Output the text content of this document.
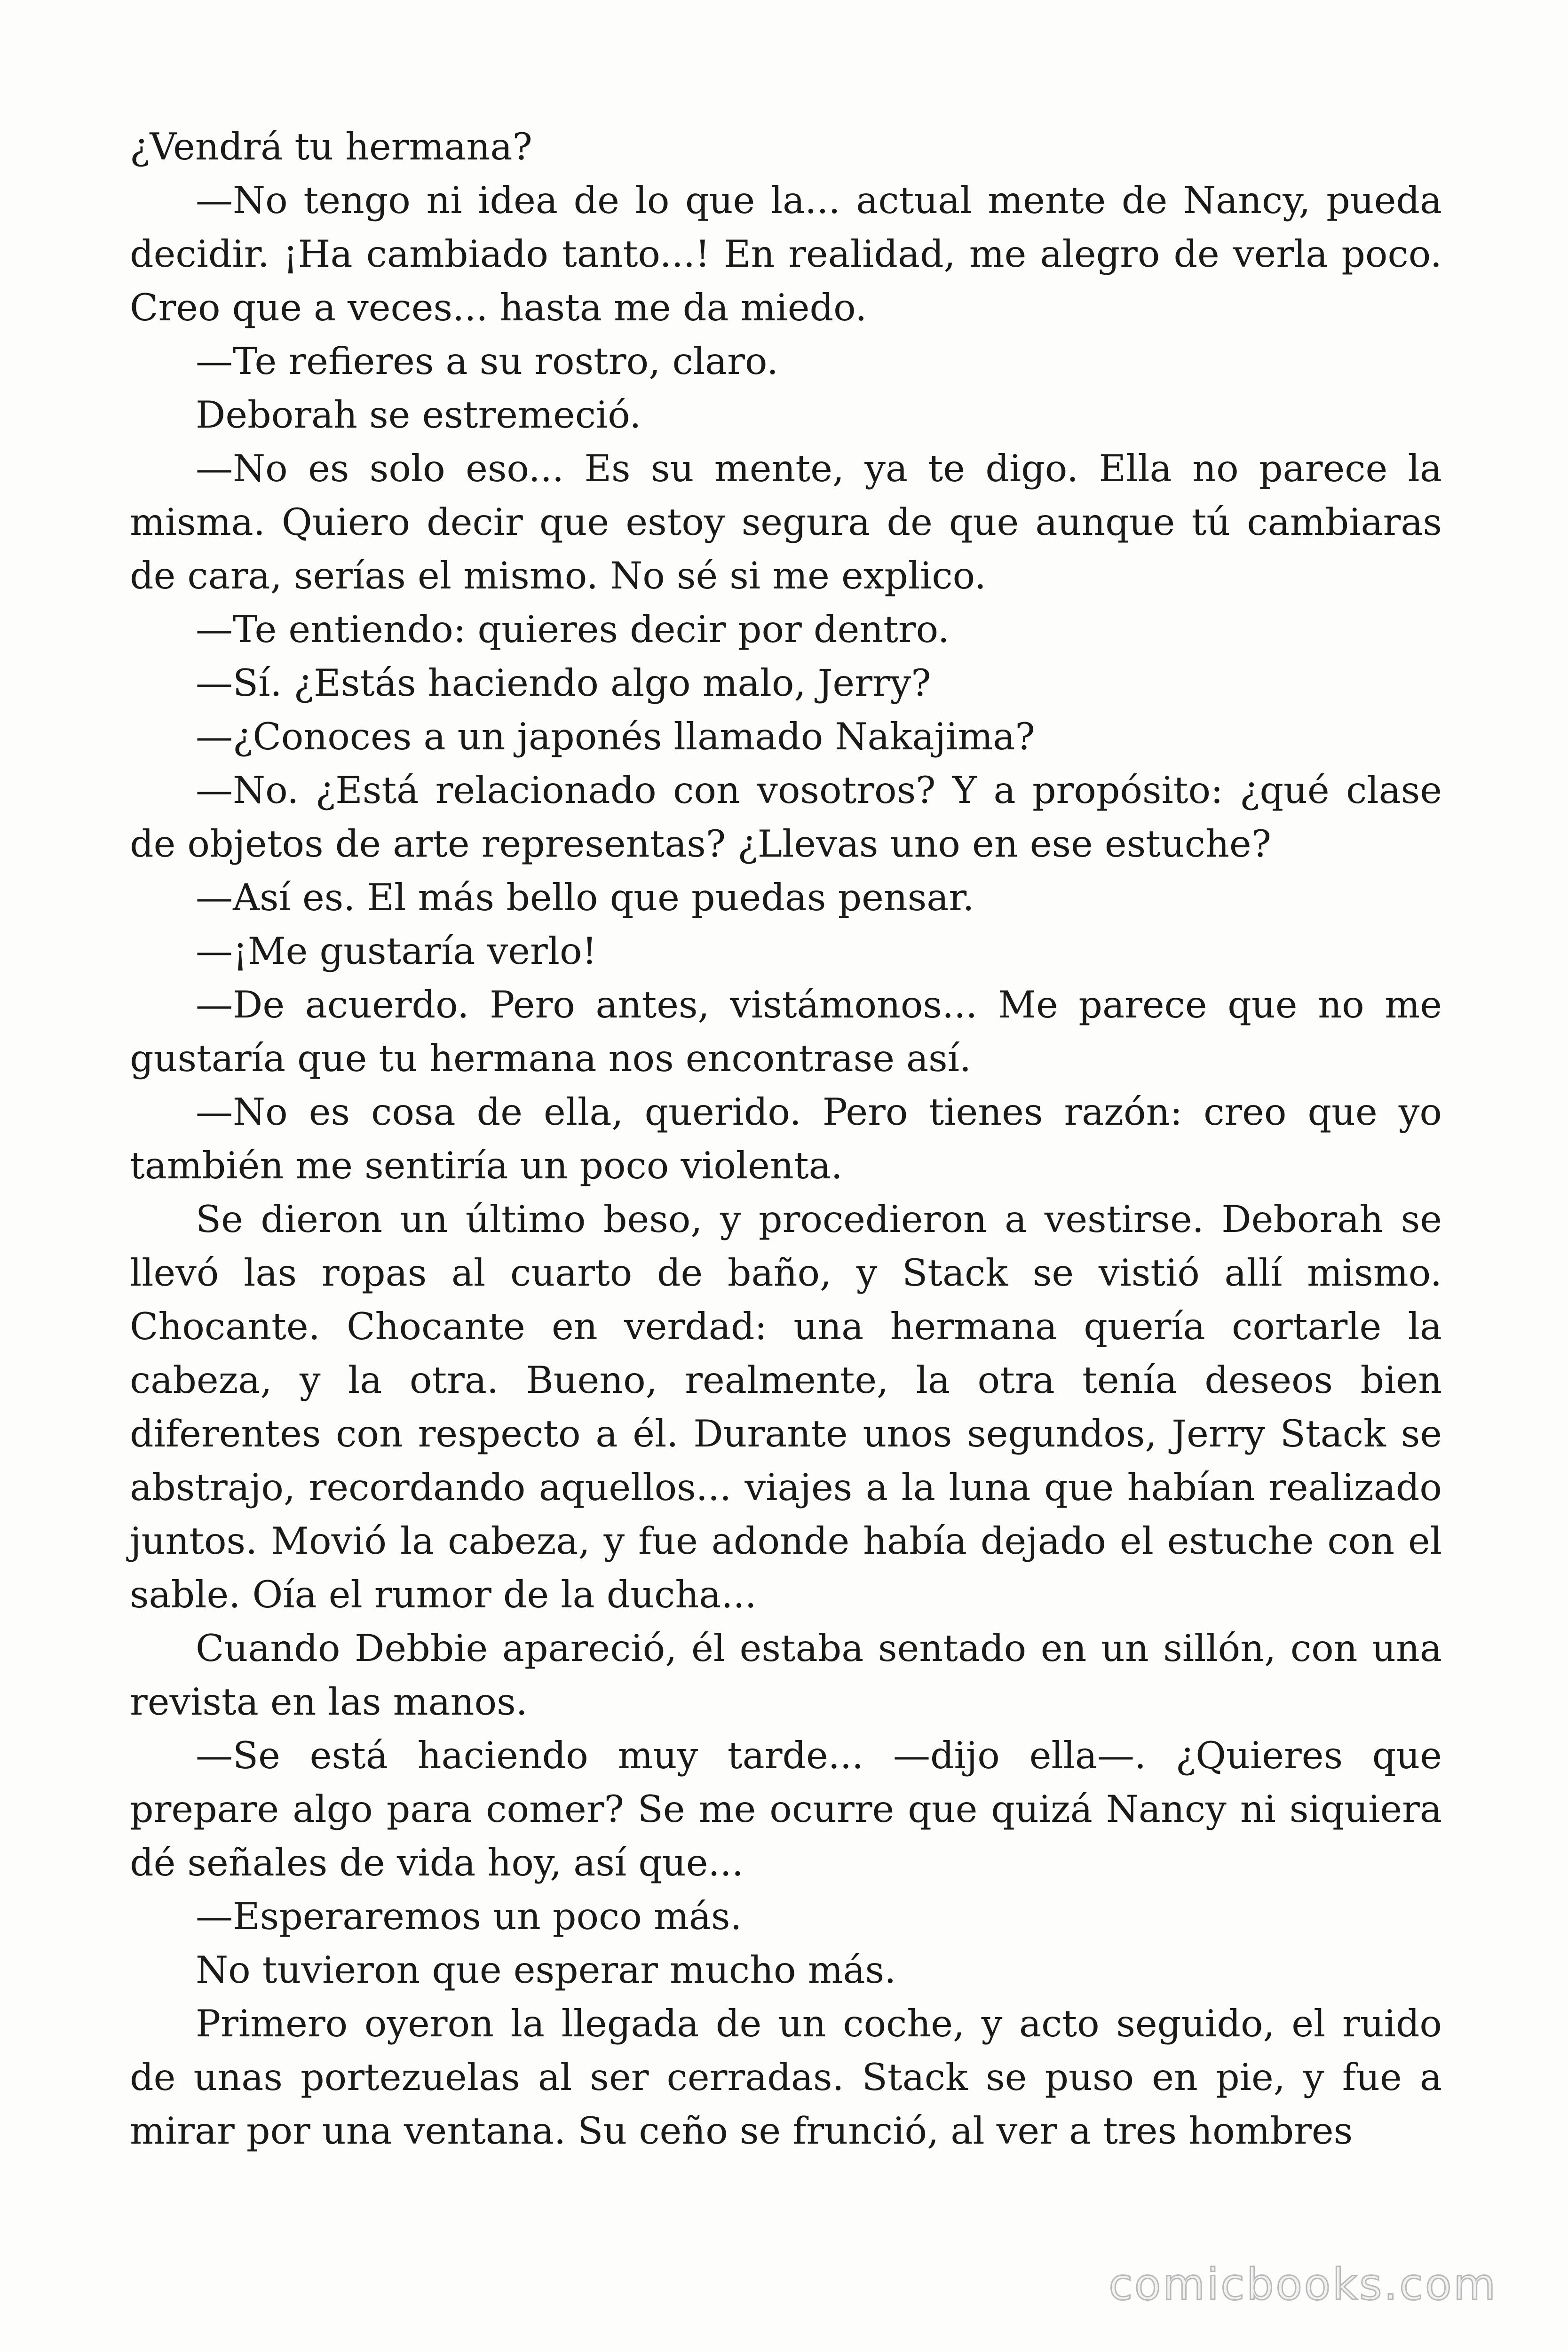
¿Vendrá tu hermana?

—No tengo ni idea de lo que la... actual mente de Nancy, pueda decidir. ¡Ha cambiado tanto...! En realidad, me alegro de verla poco. Creo que a veces... hasta me da miedo.

—Te refieres a su rostro, claro.

Deborah se estremeció.

—No es solo eso... Es su mente, ya te digo. Ella no parece la misma. Quiero decir que estoy segura de que aunque tú cambiaras de cara, serías el mismo. No sé si me explico.

—Te entiendo: quieres decir por dentro.

—Sí. ¿Estás haciendo algo malo, Jerry?

—¿Conoces a un japonés llamado Nakajima?

—No. ¿Está relacionado con vosotros? Y a propósito: ¿qué clase de objetos de arte representas? ¿Llevas uno en ese estuche?

—Así es. El más bello que puedas pensar.

—¡Me gustaría verlo!

—De acuerdo. Pero antes, vistámonos... Me parece que no me gustaría que tu hermana nos encontrase así.

—No es cosa de ella, querido. Pero tienes razón: creo que yo también me sentiría un poco violenta.

Se dieron un último beso, y procedieron a vestirse. Deborah se llevó las ropas al cuarto de baño, y Stack se vistió allí mismo. Chocante. Chocante en verdad: una hermana quería cortarle la cabeza, y la otra. Bueno, realmente, la otra tenía deseos bien diferentes con respecto a él. Durante unos segundos, Jerry Stack se abstrajo, recordando aquellos... viajes a la luna que habían realizado juntos. Movió la cabeza, y fue adonde había dejado el estuche con el sable. Oía el rumor de la ducha...

Cuando Debbie apareció, él estaba sentado en un sillón, con una revista en las manos.

—Se está haciendo muy tarde... —dijo ella—. ¿Quieres que prepare algo para comer? Se me ocurre que quizá Nancy ni siquiera dé señales de vida hoy, así que...

—Esperaremos un poco más.

No tuvieron que esperar mucho más.

Primero oyeron la llegada de un coche, y acto seguido, el ruido de unas portezuelas al ser cerradas. Stack se puso en pie, y fue a mirar por una ventana. Su ceño se frunció, al ver a tres hombres

comicbooks.com
